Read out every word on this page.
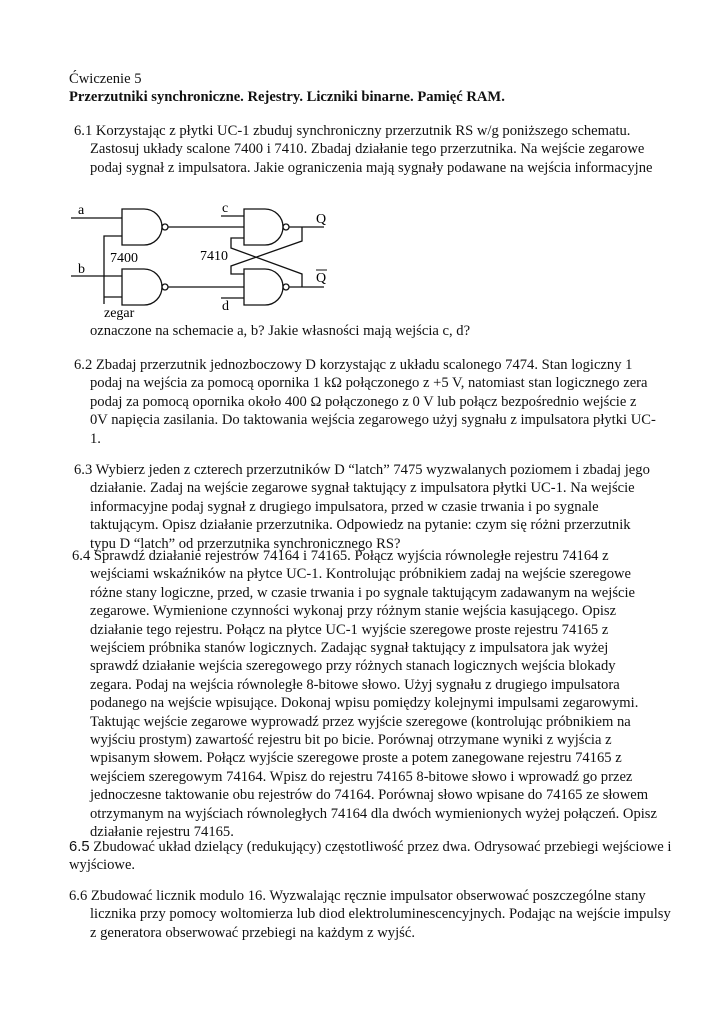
Ćwiczenie 5
Przerzutniki synchroniczne. Rejestry. Liczniki binarne. Pamięć RAM.
6.1 Korzystając z płytki UC-1 zbuduj synchroniczny przerzutnik RS w/g poniższego schematu.
Zastosuj układy scalone 7400 i 7410. Zbadaj działanie tego przerzutnika. Na wejście zegarowe
podaj sygnał z impulsatora. Jakie ograniczenia mają sygnały podawane na wejścia informacyjne
a
b
c
d
Q
Q
7400	7410
zegar
oznaczone na schemacie a, b? Jakie własności mają wejścia c, d?
6.2 Zbadaj przerzutnik jednozboczowy D korzystając z układu scalonego 7474. Stan logiczny 1
podaj na wejścia za pomocą opornika 1 kΩ połączonego z +5 V, natomiast stan logicznego zera
podaj za pomocą opornika około 400 Ω połączonego z 0 V lub połącz bezpośrednio wejście z
0V napięcia zasilania. Do taktowania wejścia zegarowego użyj sygnału z impulsatora płytki UC-
1.
6.3 Wybierz jeden z czterech przerzutników D “latch” 7475 wyzwalanych poziomem i zbadaj jego
działanie. Zadaj na wejście zegarowe sygnał taktujący z impulsatora płytki UC-1. Na wejście
informacyjne podaj sygnał z drugiego impulsatora, przed w czasie trwania i po sygnale
taktującym. Opisz działanie przerzutnika. Odpowiedz na pytanie: czym się różni przerzutnik
typu D “latch” od przerzutnika synchronicznego RS?
6.4 Sprawdź działanie rejestrów 74164 i 74165. Połącz wyjścia równoległe rejestru 74164 z
wejściami wskaźników na płytce UC-1. Kontrolując próbnikiem zadaj na wejście szeregowe
różne stany logiczne, przed, w czasie trwania i po sygnale taktującym zadawanym na wejście
zegarowe. Wymienione czynności wykonaj przy różnym stanie wejścia kasującego. Opisz
działanie tego rejestru. Połącz na płytce UC-1 wyjście szeregowe proste rejestru 74165 z
wejściem próbnika stanów logicznych. Zadając sygnał taktujący z impulsatora jak wyżej
sprawdź działanie wejścia szeregowego przy różnych stanach logicznych wejścia blokady
zegara. Podaj na wejścia równoległe 8-bitowe słowo. Użyj sygnału z drugiego impulsatora
podanego na wejście wpisujące. Dokonaj wpisu pomiędzy kolejnymi impulsami zegarowymi.
Taktując wejście zegarowe wyprowadź przez wyjście szeregowe (kontrolując próbnikiem na
wyjściu prostym) zawartość rejestru bit po bicie. Porównaj otrzymane wyniki z wyjścia z
wpisanym słowem. Połącz wyjście szeregowe proste a potem zanegowane rejestru 74165 z
wejściem szeregowym 74164. Wpisz do rejestru 74165 8-bitowe słowo i wprowadź go przez
jednoczesne taktowanie obu rejestrów do 74164. Porównaj słowo wpisane do 74165 ze słowem
otrzymanym na wyjściach równoległych 74164 dla dwóch wymienionych wyżej połączeń. Opisz
działanie rejestru 74165.
6.5 Zbudować układ dzielący (redukujący) częstotliwość przez dwa. Odrysować przebiegi wejściowe i
wyjściowe.
6.6 Zbudować licznik modulo 16. Wyzwalając ręcznie impulsator obserwować poszczególne stany
licznika przy pomocy woltomierza lub diod elektroluminescencyjnych. Podając na wejście impulsy
z generatora obserwować przebiegi na każdym z wyjść.
